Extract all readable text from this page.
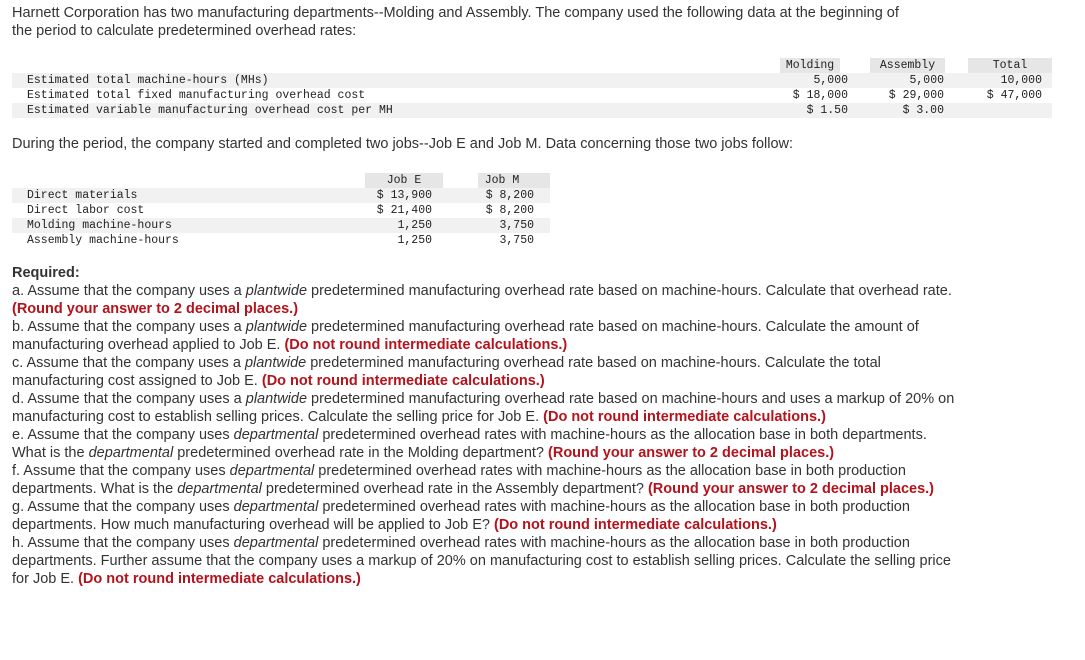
Harnett Corporation has two manufacturing departments--Molding and Assembly. The company used the following data at the beginning of the period to calculate predetermined overhead rates:

Molding	Assembly	Total
Estimated total machine-hours (MHs)	5,000	5,000	10,000
Estimated total fixed manufacturing overhead cost	$ 18,000	$ 29,000	$ 47,000
Estimated variable manufacturing overhead cost per MH	$ 1.50	$ 3.00

During the period, the company started and completed two jobs--Job E and Job M. Data concerning those two jobs follow:

Job E	Job M
Direct materials	$ 13,900	$ 8,200
Direct labor cost	$ 21,400	$ 8,200
Molding machine-hours	1,250	3,750
Assembly machine-hours	1,250	3,750

Required:

a. Assume that the company uses a plantwide predetermined manufacturing overhead rate based on machine-hours. Calculate that overhead rate. (Round your answer to 2 decimal places.)

b. Assume that the company uses a plantwide predetermined manufacturing overhead rate based on machine-hours. Calculate the amount of manufacturing overhead applied to Job E. (Do not round intermediate calculations.)

c. Assume that the company uses a plantwide predetermined manufacturing overhead rate based on machine-hours. Calculate the total manufacturing cost assigned to Job E. (Do not round intermediate calculations.)

d. Assume that the company uses a plantwide predetermined manufacturing overhead rate based on machine-hours and uses a markup of 20% on manufacturing cost to establish selling prices. Calculate the selling price for Job E. (Do not round intermediate calculations.)

e. Assume that the company uses departmental predetermined overhead rates with machine-hours as the allocation base in both departments. What is the departmental predetermined overhead rate in the Molding department? (Round your answer to 2 decimal places.)

f. Assume that the company uses departmental predetermined overhead rates with machine-hours as the allocation base in both production departments. What is the departmental predetermined overhead rate in the Assembly department? (Round your answer to 2 decimal places.)

g. Assume that the company uses departmental predetermined overhead rates with machine-hours as the allocation base in both production departments. How much manufacturing overhead will be applied to Job E? (Do not round intermediate calculations.)

h. Assume that the company uses departmental predetermined overhead rates with machine-hours as the allocation base in both production departments. Further assume that the company uses a markup of 20% on manufacturing cost to establish selling prices. Calculate the selling price for Job E. (Do not round intermediate calculations.)
